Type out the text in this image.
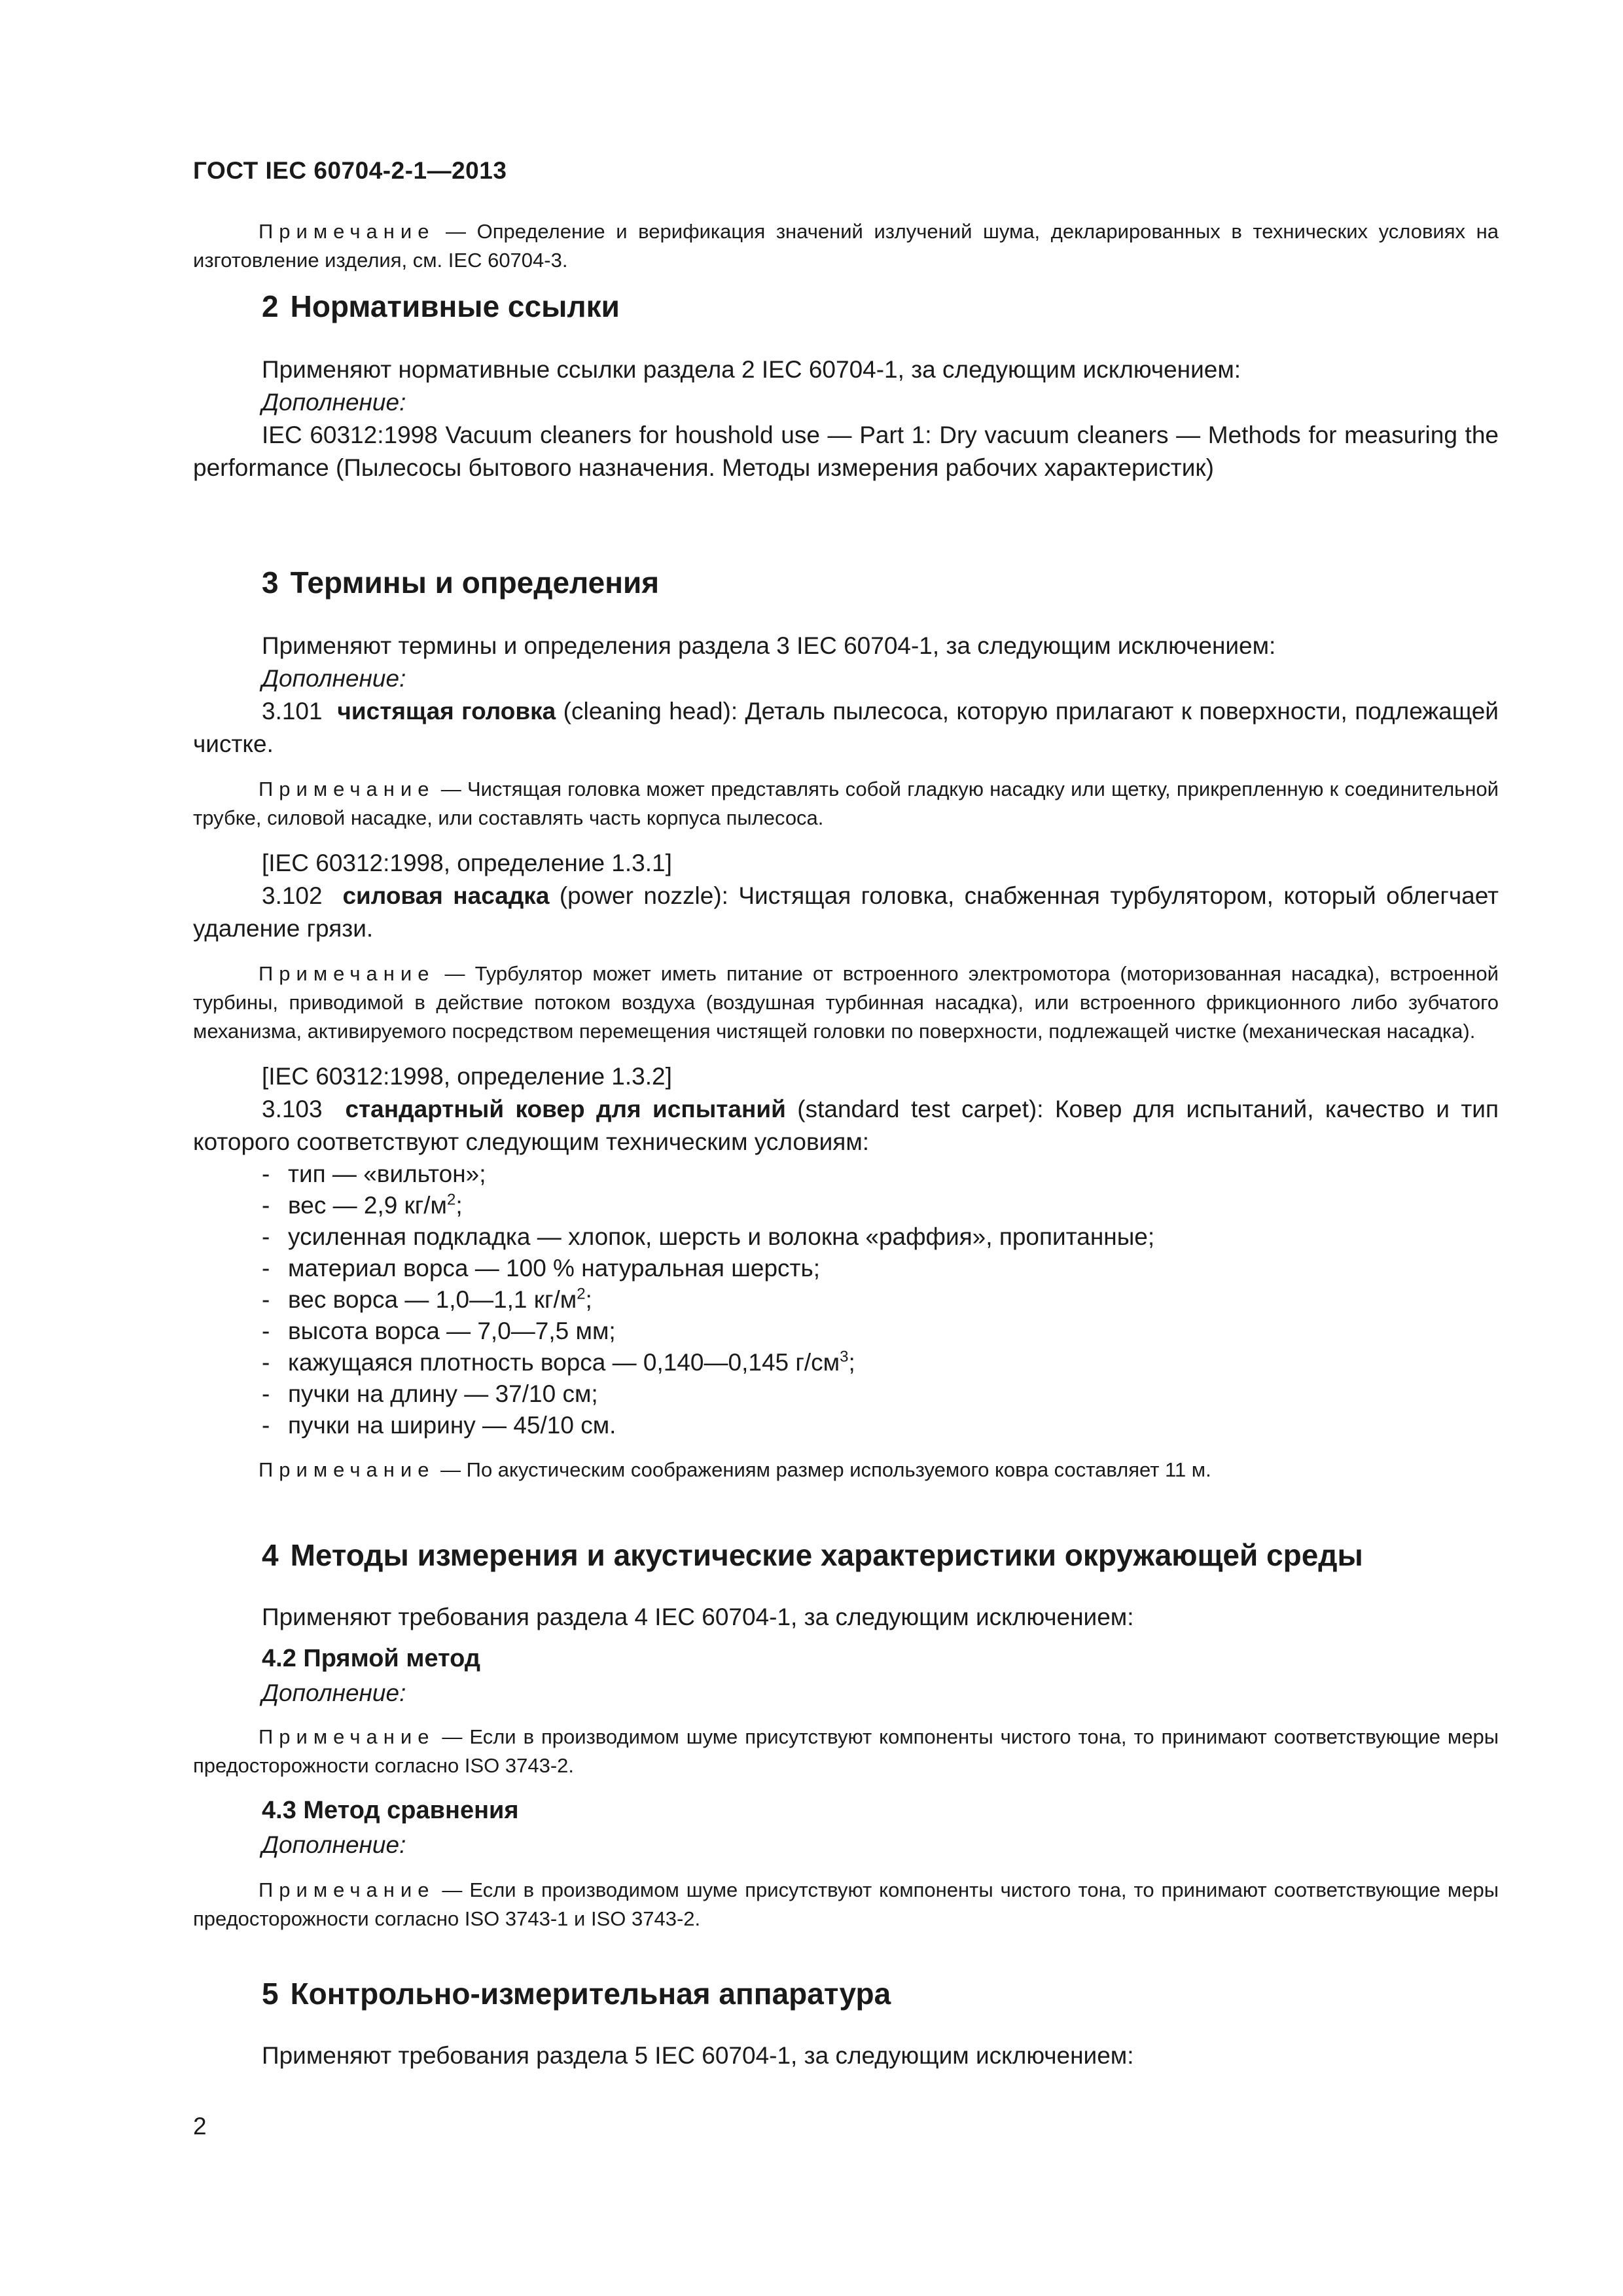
ГОСТ IEC 60704-2-1—2013

Примечание — Определение и верификация значений излучений шума, декларированных в технических условиях на изготовление изделия, см. IEC 60704-3.

2 Нормативные ссылки

Применяют нормативные ссылки раздела 2 IEC 60704-1, за следующим исключением:

Дополнение:

IEC 60312:1998 Vacuum cleaners for houshold use — Part 1: Dry vacuum cleaners — Methods for measuring the performance (Пылесосы бытового назначения. Методы измерения рабочих характеристик)

3 Термины и определения

Применяют термины и определения раздела 3 IEC 60704-1, за следующим исключением:

Дополнение:

3.101 чистящая головка (cleaning head): Деталь пылесоса, которую прилагают к поверхности, подлежащей чистке.

Примечание — Чистящая головка может представлять собой гладкую насадку или щетку, прикрепленную к соединительной трубке, силовой насадке, или составлять часть корпуса пылесоса.

[IEC 60312:1998, определение 1.3.1]

3.102 силовая насадка (power nozzle): Чистящая головка, снабженная турбулятором, который облегчает удаление грязи.

Примечание — Турбулятор может иметь питание от встроенного электромотора (моторизованная насадка), встроенной турбины, приводимой в действие потоком воздуха (воздушная турбинная насадка), или встроенного фрикционного либо зубчатого механизма, активируемого посредством перемещения чистящей головки по поверхности, подлежащей чистке (механическая насадка).

[IEC 60312:1998, определение 1.3.2]

3.103 стандартный ковер для испытаний (standard test carpet): Ковер для испытаний, качество и тип которого соответствуют следующим техническим условиям:

- тип — «вильтон»;
- вес — 2,9 $кг/м^2$;
- усиленная подкладка — хлопок, шерсть и волокна «раффия», пропитанные;
- материал ворса — 100 % натуральная шерсть;
- вес ворса — 1,0—1,1 $кг/м^2$;
- высота ворса — 7,0—7,5 мм;
- кажущаяся плотность ворса — 0,140—0,145 $г/см^3$;
- пучки на длину — 37/10 см;
- пучки на ширину — 45/10 см.

Примечание — По акустическим соображениям размер используемого ковра составляет 11 м.

4 Методы измерения и акустические характеристики окружающей среды

Применяют требования раздела 4 IEC 60704-1, за следующим исключением:

4.2 Прямой метод

Дополнение:

Примечание — Если в производимом шуме присутствуют компоненты чистого тона, то принимают соответствующие меры предосторожности согласно ISO 3743-2.

4.3 Метод сравнения

Дополнение:

Примечание — Если в производимом шуме присутствуют компоненты чистого тона, то принимают соответствующие меры предосторожности согласно ISO 3743-1 и ISO 3743-2.

5 Контрольно-измерительная аппаратура

Применяют требования раздела 5 IEC 60704-1, за следующим исключением:

2
